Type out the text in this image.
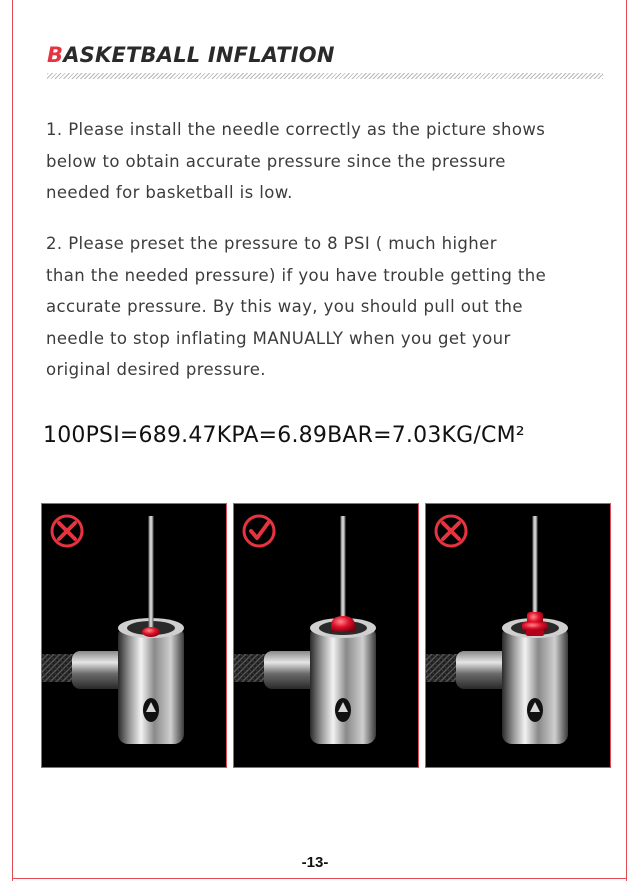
BASKETBALL INFLATION

1. Please install the needle correctly as the picture shows
below to obtain accurate pressure since the pressure
needed for basketball is low.

2. Please preset the pressure to 8 PSI ( much higher
than the needed pressure) if you have trouble getting the
accurate pressure. By this way, you should pull out the
needle to stop inflating MANUALLY when you get your
original desired pressure.

100PSI=689.47KPA=6.89BAR=7.03KG/CM²
-13-
